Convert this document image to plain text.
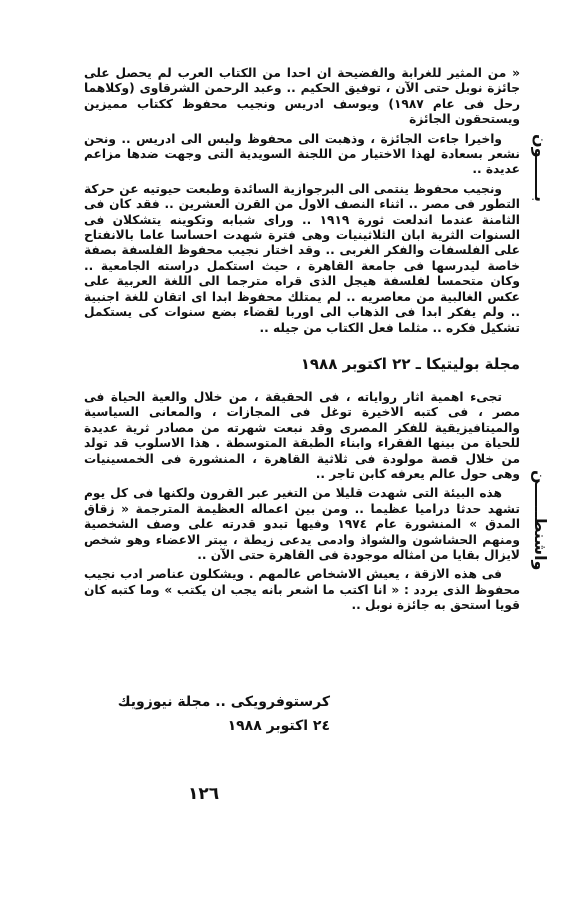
بـــــــون
واشنطــــــن

« من المثير للغرابة والفضيحة ان احدا من الكتاب العرب لم يحصل على جائزة نوبل حتى الآن ، توفيق الحكيم .. وعبد الرحمن الشرقاوى (وكلاهما رحل فى عام ١٩٨٧) ويوسف ادريس ونجيب محفوظ ككتاب مميزين ويستحقون الجائزة

واخيرا جاءت الجائزة ، وذهبت الى محفوظ وليس الى ادريس .. ونحن نشعر بسعادة لهذا الاختيار من اللجنة السويدية التى وجهت ضدها مزاعم عديدة ..

ونجيب محفوظ ينتمى الى البرجوازية السائدة وطبعت حيوتيه عن حركة التطور فى مصر .. اثناء النصف الاول من القرن العشرين .. فقد كان فى الثامنة عندما اندلعت ثورة ١٩١٩ .. وراى شبابه وتكوينه يتشكلان فى السنوات الثرية ابان الثلاثينيات وهى فترة شهدت احساسا عاما بالانفتاح على الفلسفات والفكر الغربى .. وقد اختار نجيب محفوظ الفلسفة بصفة خاصة ليدرسها فى جامعة القاهرة ، حيث استكمل دراسته الجامعية .. وكان متحمسا لفلسفة هيجل الذى قراه مترجما الى اللغة العربية على عكس الغالبية من معاصريه .. لم يمتلك محفوظ ابدا اى اتقان للغة اجنبية .. ولم يفكر ابدا فى الذهاب الى اوربا لقضاء بضع سنوات كى يستكمل تشكيل فكره .. مثلما فعل الكتاب من جيله ..

مجلة بوليتيكا ـ ٢٢ اكتوبر ١٩٨٨

تجىء اهمية اثار رواياته ، فى الحقيقة ، من خلال والعية الحياة فى مصر ، فى كتبه الاخيرة توغل فى المجازات ، والمعانى السياسية والميتافيزيقية للفكر المصرى وقد نبعت شهرته من مصادر ثرية عديدة للحياة من بينها الفقراء وابناء الطبقة المتوسطة . هذا الاسلوب قد تولد من خلال قصة مولودة فى ثلاثية القاهرة ، المنشورة فى الخمسينيات وهى حول عالم يعرفه كابن تاجر ..

هذه البيئة التى شهدت قليلا من التغير عبر القرون ولكنها فى كل يوم تشهد حدثا دراميا عظيما .. ومن بين اعماله العظيمة المترجمة « زقاق المدق » المنشورة عام ١٩٧٤ وفيها تبدو قدرته على وصف الشخصية ومنهم الحشاشون والشواذ وادمى يدعى زيطة ، يبتر الاعضاء وهو شخص لايزال بقايا من امثاله موجودة فى القاهرة حتى الآن ..

فى هذه الازقة ، يعيش الاشخاص عالمهم . ويشكلون عناصر ادب نجيب محفوظ الذى يردد : « انا اكتب ما اشعر بانه يجب ان يكتب » وما كتبه كان قويا استحق به جائزة نوبل ..

كرستوفرويكى .. مجلة نيوزويك
٢٤ اكتوبر ١٩٨٨
١٢٦
